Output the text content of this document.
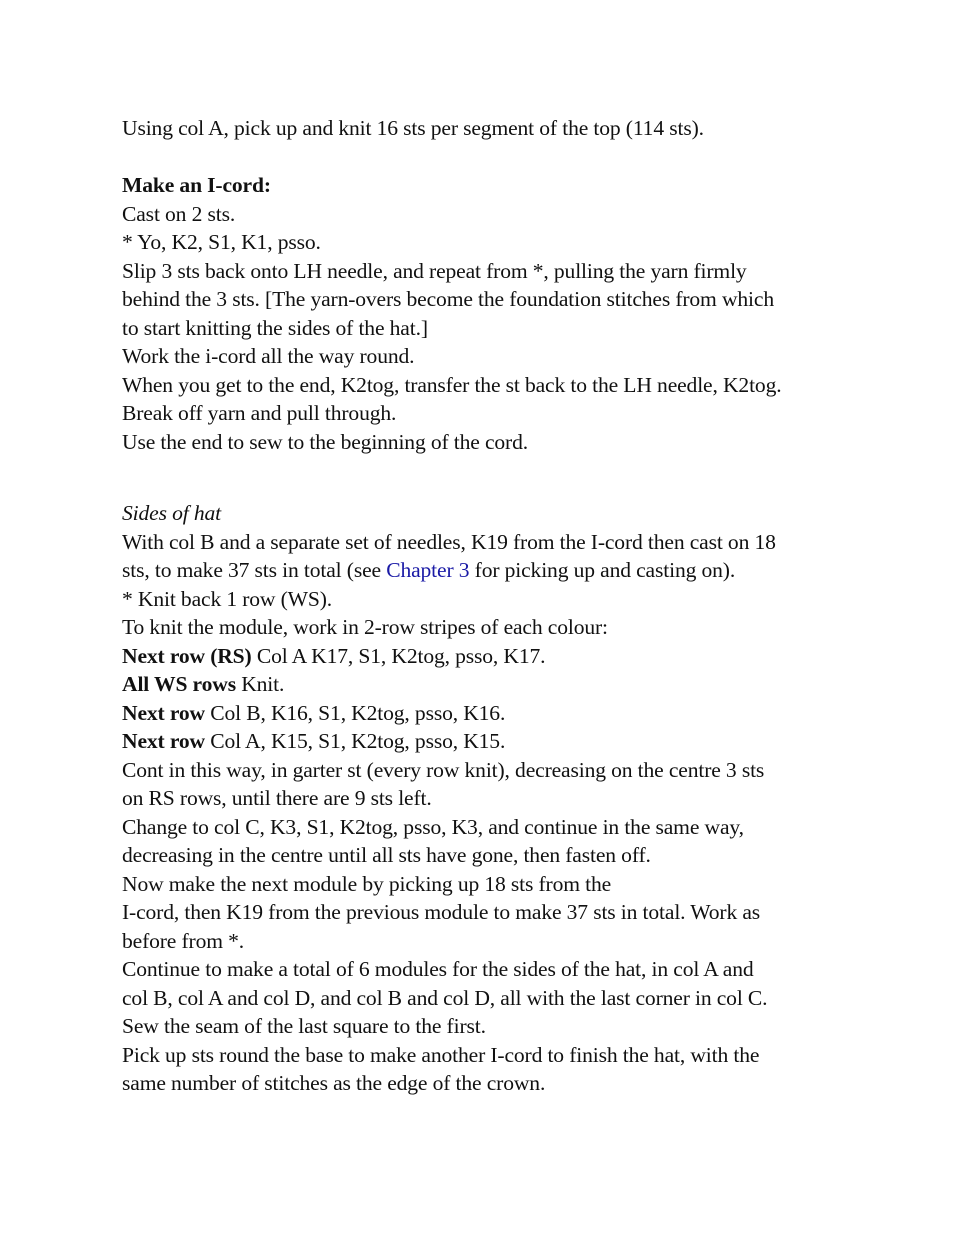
Using col A, pick up and knit 16 sts per segment of the top (114 sts).
Make an I-cord:
Cast on 2 sts.
* Yo, K2, S1, K1, psso.
Slip 3 sts back onto LH needle, and repeat from *, pulling the yarn firmly
behind the 3 sts. [The yarn-overs become the foundation stitches from which
to start knitting the sides of the hat.]
Work the i-cord all the way round.
When you get to the end, K2tog, transfer the st back to the LH needle, K2tog.
Break off yarn and pull through.
Use the end to sew to the beginning of the cord.
Sides of hat
With col B and a separate set of needles, K19 from the I-cord then cast on 18
sts, to make 37 sts in total (see Chapter 3 for picking up and casting on).
* Knit back 1 row (WS).
To knit the module, work in 2-row stripes of each colour:
Next row (RS) Col A K17, S1, K2tog, psso, K17.
All WS rows Knit.
Next row Col B, K16, S1, K2tog, psso, K16.
Next row Col A, K15, S1, K2tog, psso, K15.
Cont in this way, in garter st (every row knit), decreasing on the centre 3 sts
on RS rows, until there are 9 sts left.
Change to col C, K3, S1, K2tog, psso, K3, and continue in the same way,
decreasing in the centre until all sts have gone, then fasten off.
Now make the next module by picking up 18 sts from the
I-cord, then K19 from the previous module to make 37 sts in total. Work as
before from *.
Continue to make a total of 6 modules for the sides of the hat, in col A and
col B, col A and col D, and col B and col D, all with the last corner in col C.
Sew the seam of the last square to the first.
Pick up sts round the base to make another I-cord to finish the hat, with the
same number of stitches as the edge of the crown.
